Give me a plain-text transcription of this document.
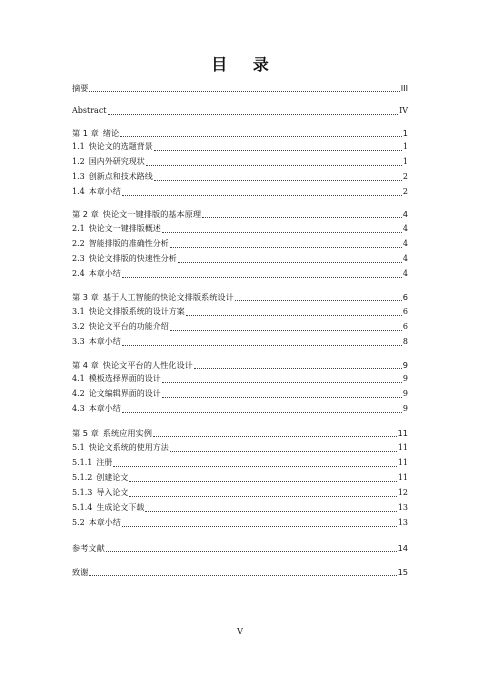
目 录
摘要	III
Abstract	IV
第 1 章 绪论	1
1.1 快论文的选题背景	1
1.2 国内外研究现状	1
1.3 创新点和技术路线	2
1.4 本章小结	2
第 2 章 快论文一键排版的基本原理	4
2.1 快论文一键排版概述	4
2.2 智能排版的准确性分析	4
2.3 快论文排版的快速性分析	4
2.4 本章小结	4
第 3 章 基于人工智能的快论文排版系统设计	6
3.1 快论文排版系统的设计方案	6
3.2 快论文平台的功能介绍	6
3.3 本章小结	8
第 4 章 快论文平台的人性化设计	9
4.1 模板选择界面的设计	9
4.2 论文编辑界面的设计	9
4.3 本章小结	9
第 5 章 系统应用实例	11
5.1 快论文系统的使用方法	11
5.1.1 注册	11
5.1.2 创建论文	11
5.1.3 导入论文	12
5.1.4 生成论文下载	13
5.2 本章小结	13
参考文献	14
致谢	15
V
